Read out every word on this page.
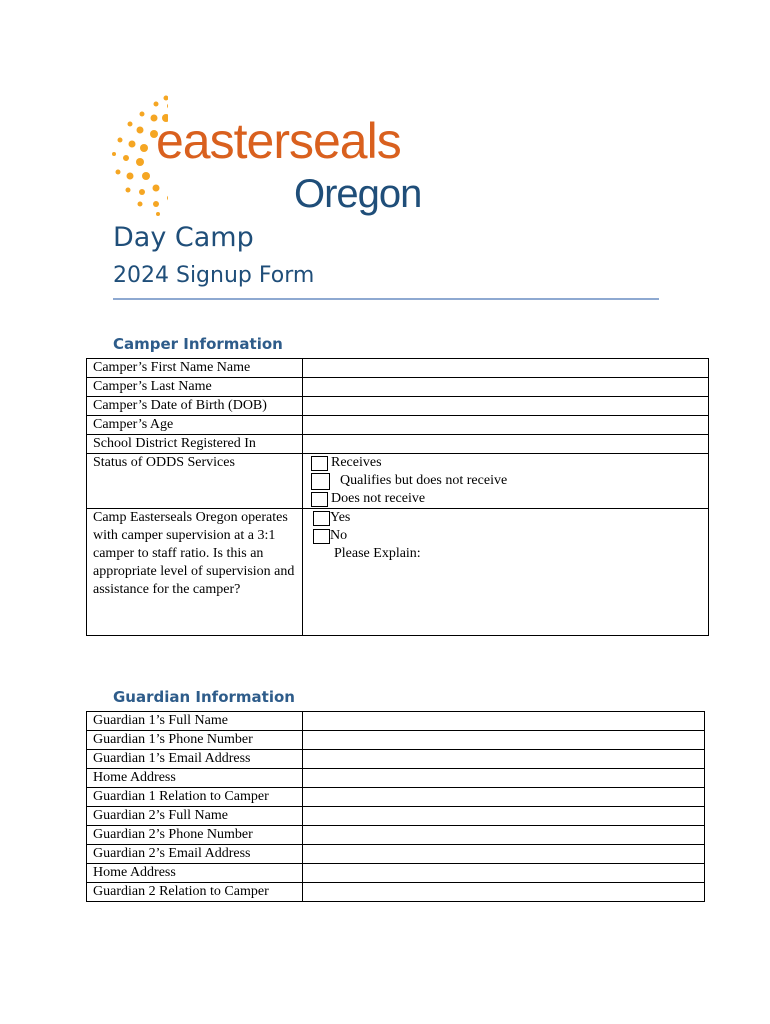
easterseals
Oregon
Day Camp
2024 Signup Form
Camper Information
Camper’s First Name Name	
Camper’s Last Name	
Camper’s Date of Birth (DOB)	
Camper’s Age	
School District Registered In	
Status of ODDS Services	Receives
Qualifies but does not receive
Does not receive

Camp Easterseals Oregon operates with camper supervision at a 3:1 camper to staff ratio. Is this an appropriate level of supervision and assistance for the camper?	Yes
No
Please Explain:
Guardian Information
Guardian 1’s Full Name	
Guardian 1’s Phone Number	
Guardian 1’s Email Address	
Home Address	
Guardian 1 Relation to Camper	
Guardian 2’s Full Name	
Guardian 2’s Phone Number	
Guardian 2’s Email Address	
Home Address	
Guardian 2 Relation to Camper	
